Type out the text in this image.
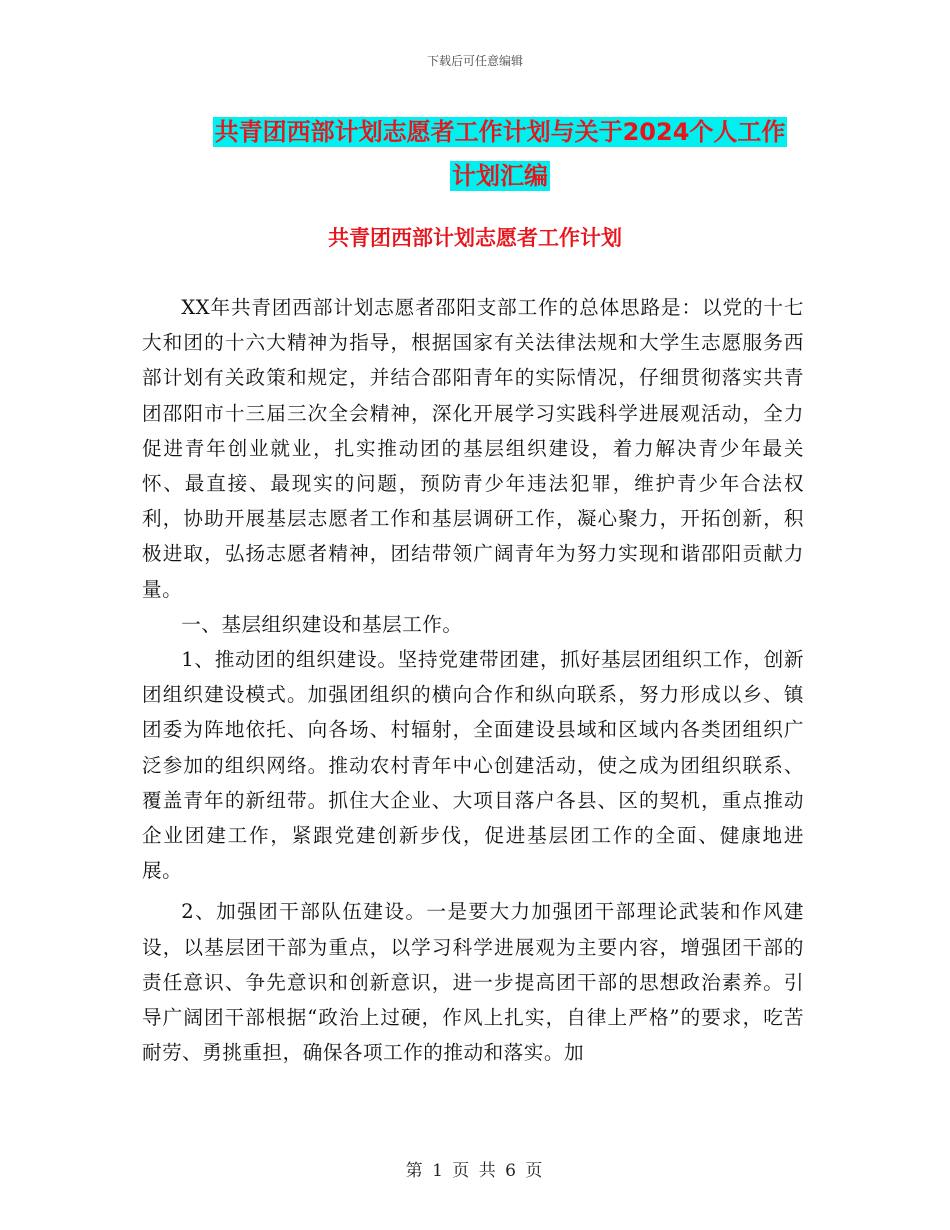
下载后可任意编辑
共青团西部计划志愿者工作计划与关于2024个人工作
计划汇编
共青团西部计划志愿者工作计划

XX年共青团西部计划志愿者邵阳支部工作的总体思路是：以党的十七大和团的十六大精神为指导，根据国家有关法律法规和大学生志愿服务西部计划有关政策和规定，并结合邵阳青年的实际情况，仔细贯彻落实共青团邵阳市十三届三次全会精神，深化开展学习实践科学进展观活动，全力促进青年创业就业，扎实推动团的基层组织建设，着力解决青少年最关怀、最直接、最现实的问题，预防青少年违法犯罪，维护青少年合法权利，协助开展基层志愿者工作和基层调研工作，凝心聚力，开拓创新，积极进取，弘扬志愿者精神，团结带领广阔青年为努力实现和谐邵阳贡献力量。

一、基层组织建设和基层工作。

1、推动团的组织建设。坚持党建带团建，抓好基层团组织工作，创新团组织建设模式。加强团组织的横向合作和纵向联系，努力形成以乡、镇团委为阵地依托、向各场、村辐射，全面建设县域和区域内各类团组织广泛参加的组织网络。推动农村青年中心创建活动，使之成为团组织联系、覆盖青年的新纽带。抓住大企业、大项目落户各县、区的契机，重点推动企业团建工作，紧跟党建创新步伐，促进基层团工作的全面、健康地进展。

2、加强团干部队伍建设。一是要大力加强团干部理论武装和作风建设，以基层团干部为重点，以学习科学进展观为主要内容，增强团干部的责任意识、争先意识和创新意识，进一步提高团干部的思想政治素养。引导广阔团干部根据“政治上过硬，作风上扎实，自律上严格”的要求，吃苦耐劳、勇挑重担，确保各项工作的推动和落实。加

第 1 页 共 6 页
